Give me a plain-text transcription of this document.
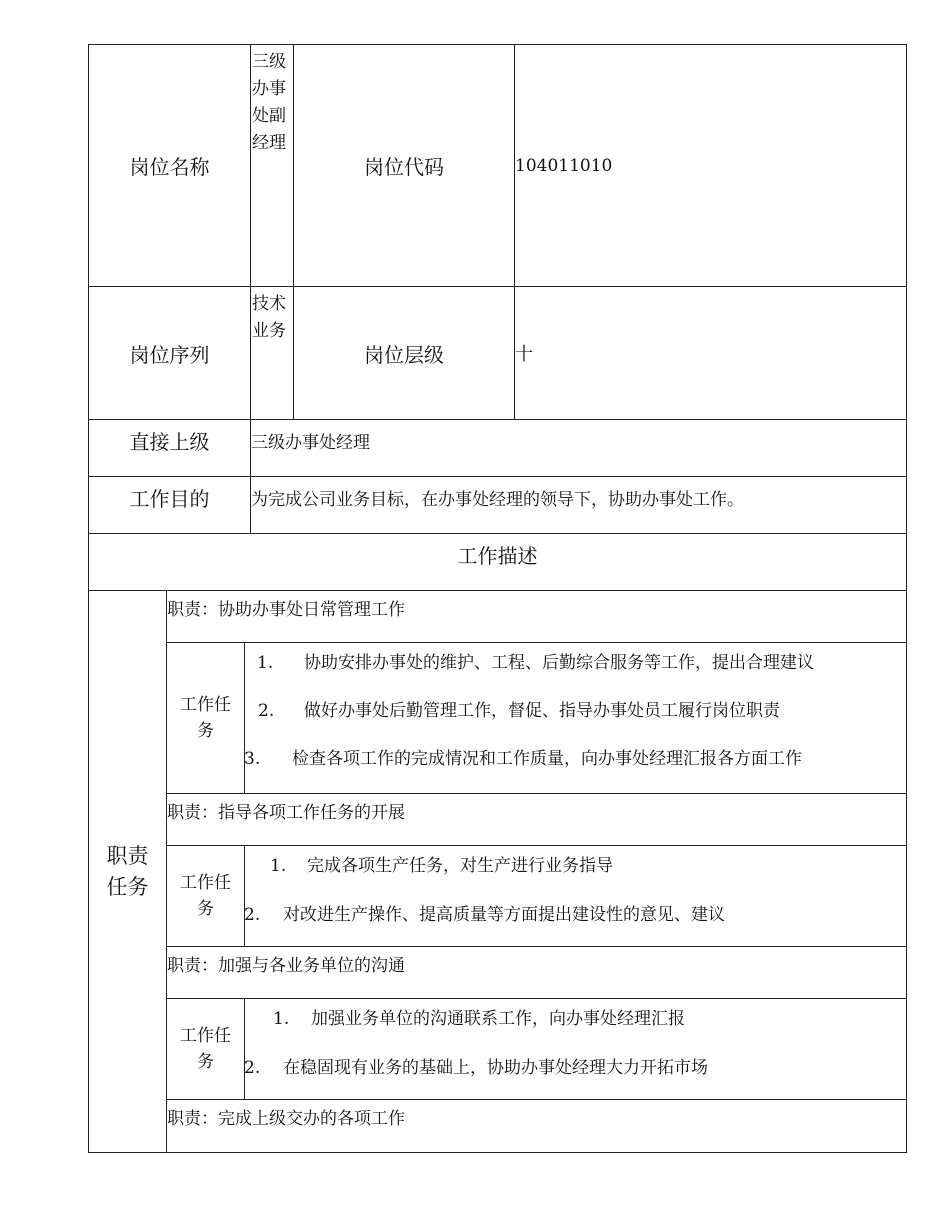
岗位名称
三级办事处副经理
岗位代码	104011010
岗位序列
技术业务
岗位层级	十
直接上级 三级办事处经理
工作目的 为完成公司业务目标，在办事处经理的领导下，协助办事处工作。
工作描述
职责任务
职责：协助办事处日常管理工作
工作任务
1. 协助安排办事处的维护、工程、后勤综合服务等工作，提出合理建议
2. 做好办事处后勤管理工作，督促、指导办事处员工履行岗位职责
3. 检查各项工作的完成情况和工作质量，向办事处经理汇报各方面工作
职责：指导各项工作任务的开展
工作任务
1. 完成各项生产任务，对生产进行业务指导
2. 对改进生产操作、提高质量等方面提出建设性的意见、建议
职责：加强与各业务单位的沟通
工作任务
1. 加强业务单位的沟通联系工作，向办事处经理汇报
2. 在稳固现有业务的基础上，协助办事处经理大力开拓市场
职责：完成上级交办的各项工作
